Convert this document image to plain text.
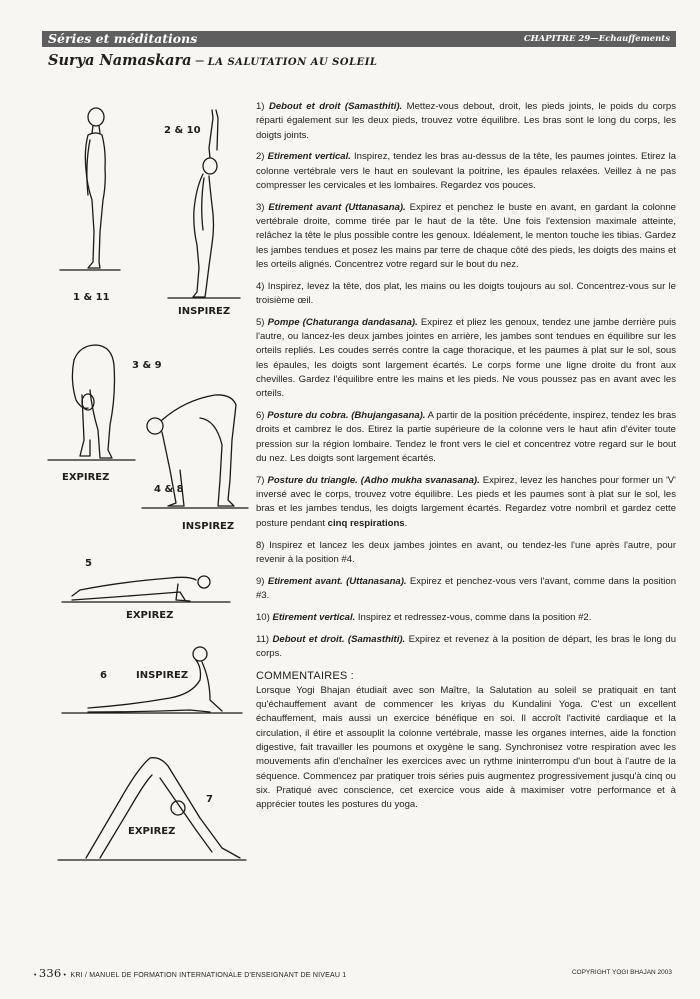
Séries et méditations	CHAPITRE 29—Echauffements
Surya Namaskara – LA SALUTATION AU SOLEIL
1 & 11
2 & 10
INSPIREZ
3 & 9
EXPIREZ
4 & 8
INSPIREZ
5
EXPIREZ
6	INSPIREZ
7
EXPIREZ

1) Debout et droit (Samasthiti). Mettez-vous debout, droit, les pieds joints, le poids du corps réparti également sur les deux pieds, trouvez votre équilibre. Les bras sont le long du corps, les doigts joints.

2) Etirement vertical. Inspirez, tendez les bras au-dessus de la tête, les paumes jointes. Etirez la colonne vertébrale vers le haut en soulevant la poitrine, les épaules relaxées. Veillez à ne pas compresser les cervicales et les lombaires. Regardez vos pouces.

3) Etirement avant (Uttanasana). Expirez et penchez le buste en avant, en gardant la colonne vertébrale droite, comme tirée par le haut de la tête. Une fois l'extension maximale atteinte, relâchez la tête le plus possible contre les genoux. Idéalement, le menton touche les tibias. Gardez les jambes tendues et posez les mains par terre de chaque côté des pieds, les doigts des mains et les orteils alignés. Concentrez votre regard sur le bout du nez.

4) Inspirez, levez la tête, dos plat, les mains ou les doigts toujours au sol. Concentrez-vous sur le troisième œil.

5) Pompe (Chaturanga dandasana). Expirez et pliez les genoux, tendez une jambe derrière puis l'autre, ou lancez-les deux jambes jointes en arrière, les jambes sont tendues en équilibre sur les orteils repliés. Les coudes serrés contre la cage thoracique, et les paumes à plat sur le sol, sous les épaules, les doigts sont largement écartés. Le corps forme une ligne droite du front aux chevilles. Gardez l'équilibre entre les mains et les pieds. Ne vous poussez pas en avant avec les orteils.

6) Posture du cobra. (Bhujangasana). A partir de la position précédente, inspirez, tendez les bras droits et cambrez le dos. Etirez la partie supérieure de la colonne vers le haut afin d'éviter toute pression sur la région lombaire. Tendez le front vers le ciel et concentrez votre regard sur le bout du nez. Les doigts sont largement écartés.

7) Posture du triangle. (Adho mukha svanasana). Expirez, levez les hanches pour former un 'V' inversé avec le corps, trouvez votre équilibre. Les pieds et les paumes sont à plat sur le sol, les bras et les jambes tendus, les doigts largement écartés. Regardez votre nombril et gardez cette posture pendant cinq respirations.

8) Inspirez et lancez les deux jambes jointes en avant, ou tendez-les l'une après l'autre, pour revenir à la position #4.

9) Etirement avant. (Uttanasana). Expirez et penchez-vous vers l'avant, comme dans la position #3.

10) Etirement vertical. Inspirez et redressez-vous, comme dans la position #2.

11) Debout et droit. (Samasthiti). Expirez et revenez à la position de départ, les bras le long du corps.

COMMENTAIRES :

Lorsque Yogi Bhajan étudiait avec son Maître, la Salutation au soleil se pratiquait en tant qu'échauffement avant de commencer les kriyas du Kundalini Yoga. C'est un excellent échauffement, mais aussi un exercice bénéfique en soi. Il accroît l'activité cardiaque et la circulation, il étire et assouplit la colonne vertébrale, masse les organes internes, aide la fonction digestive, fait travailler les poumons et oxygène le sang. Synchronisez votre respiration avec les mouvements afin d'enchaîner les exercices avec un rythme ininterrompu d'un bout à l'autre de la séquence. Commencez par pratiquer trois séries puis augmentez progressivement jusqu'à cinq ou six. Pratiqué avec conscience, cet exercice vous aide à maximiser votre performance et à apprécier toutes les postures du yoga.

• 336 • KRI / MANUEL DE FORMATION INTERNATIONALE D'ENSEIGNANT DE NIVEAU 1	COPYRIGHT YOGI BHAJAN 2003
